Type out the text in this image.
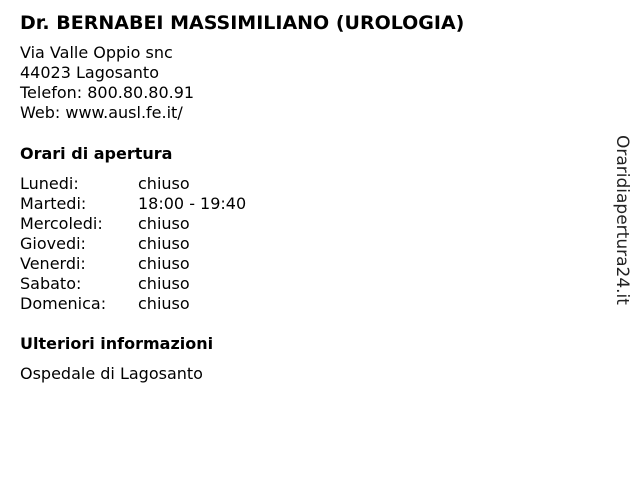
Dr. BERNABEI MASSIMILIANO (UROLOGIA)
Via Valle Oppio snc
44023 Lagosanto
Telefon: 800.80.80.91
Web: www.ausl.fe.it/
Orari di apertura
Lunedi:	chiuso
Martedi:	18:00 - 19:40
Mercoledi:	chiuso
Giovedi:	chiuso
Venerdi:	chiuso
Sabato:	chiuso
Domenica:	chiuso
Ulteriori informazioni
Ospedale di Lagosanto
Oraridiapertura24.it
